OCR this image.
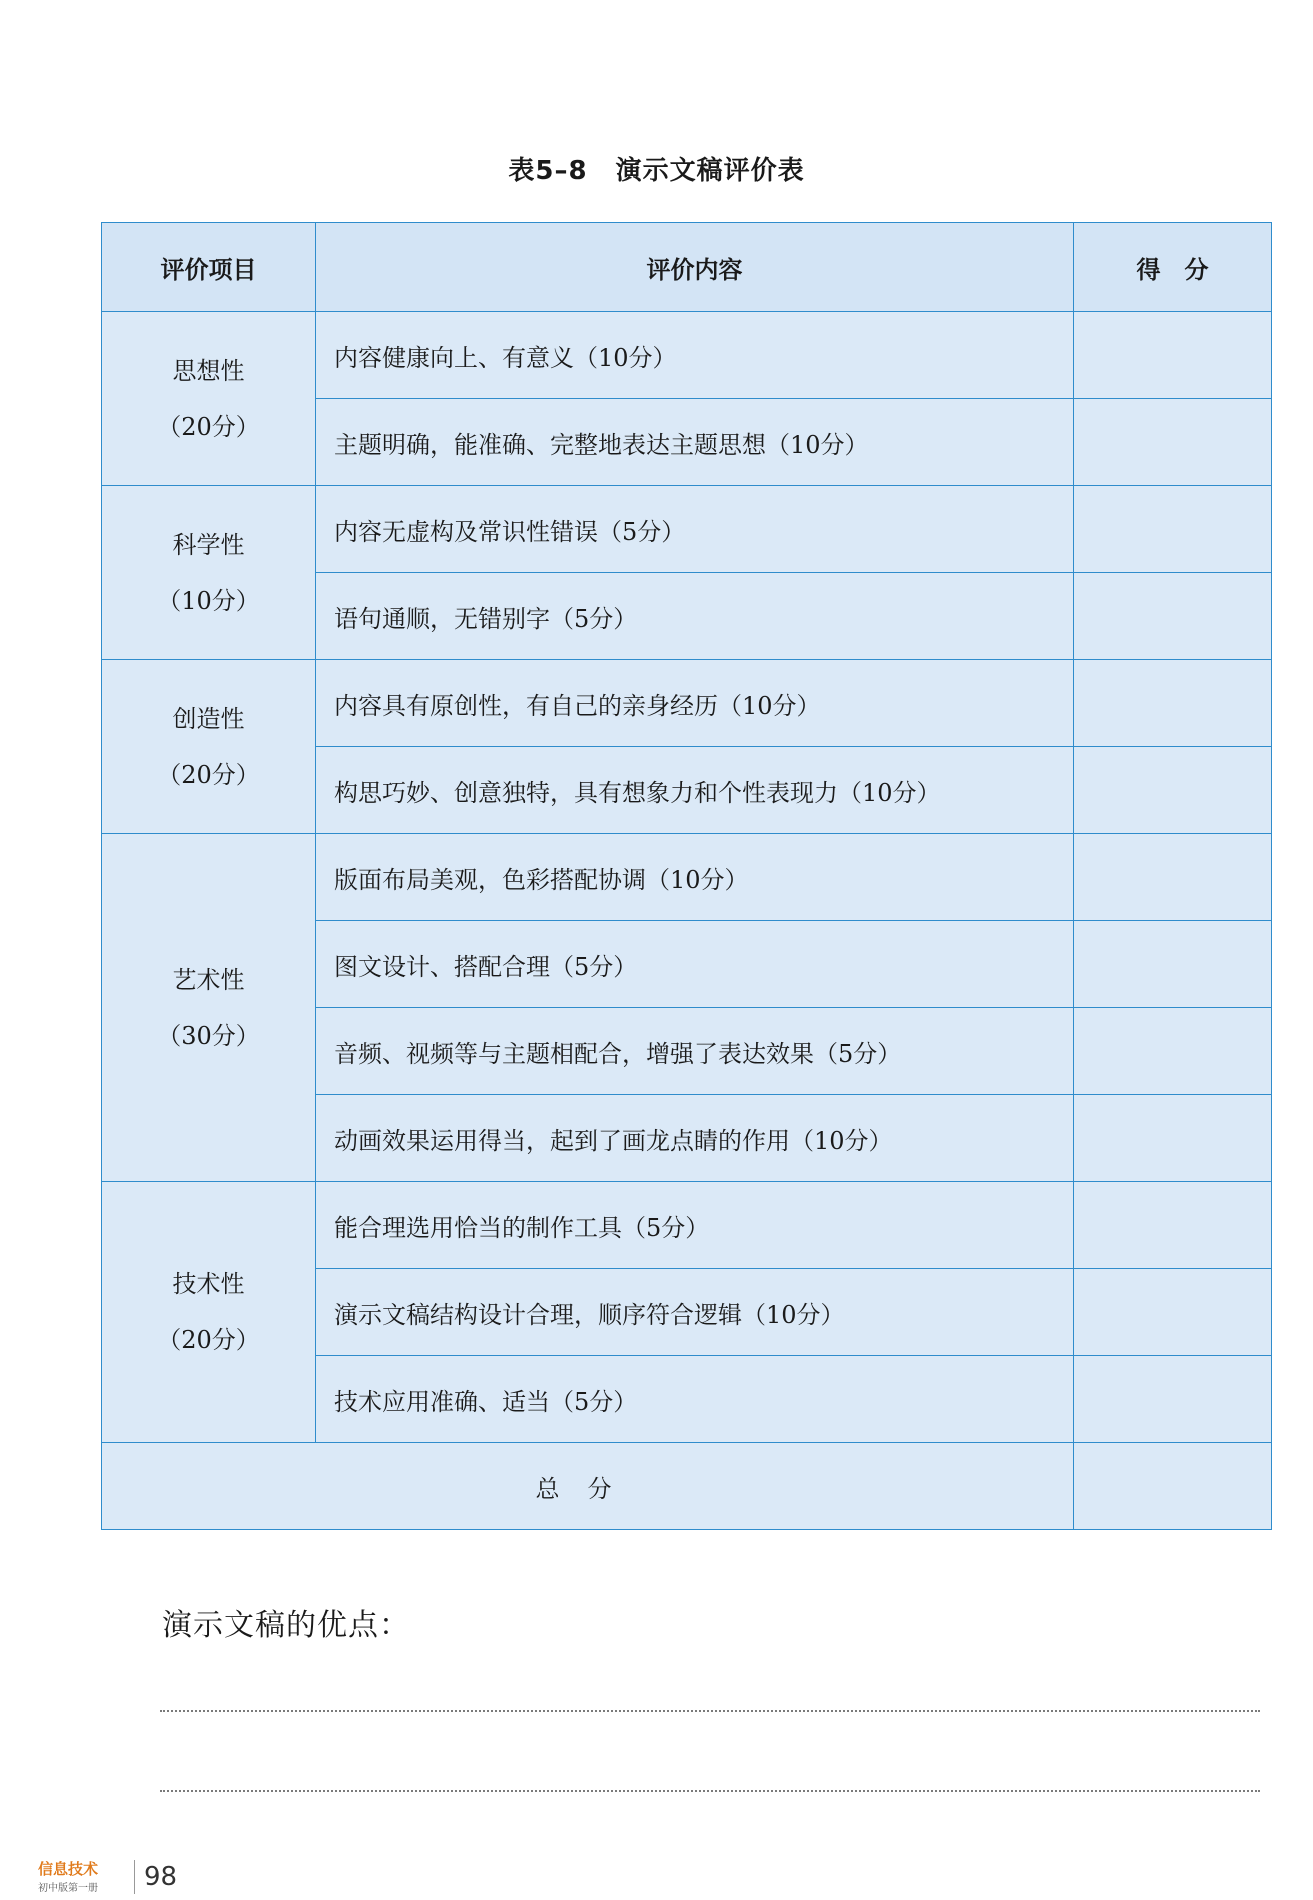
表5–8 演示文稿评价表
评价项目	评价内容	得　分

思想性
（20分）	内容健康向上、有意义（10分）	
	主题明确，能准确、完整地表达主题思想（10分）	

科学性
（10分）	内容无虚构及常识性错误（5分）	
	语句通顺，无错别字（5分）	

创造性
（20分）	内容具有原创性，有自己的亲身经历（10分）	
	构思巧妙、创意独特，具有想象力和个性表现力（10分）	

艺术性
（30分）	版面布局美观，色彩搭配协调（10分）	
	图文设计、搭配合理（5分）	
	音频、视频等与主题相配合，增强了表达效果（5分）	
	动画效果运用得当，起到了画龙点睛的作用（10分）	

技术性
（20分）	能合理选用恰当的制作工具（5分）	
	演示文稿结构设计合理，顺序符合逻辑（10分）	
	技术应用准确、适当（5分）	
总分		
演示文稿的优点：
信息技术
初中版第一册 98
